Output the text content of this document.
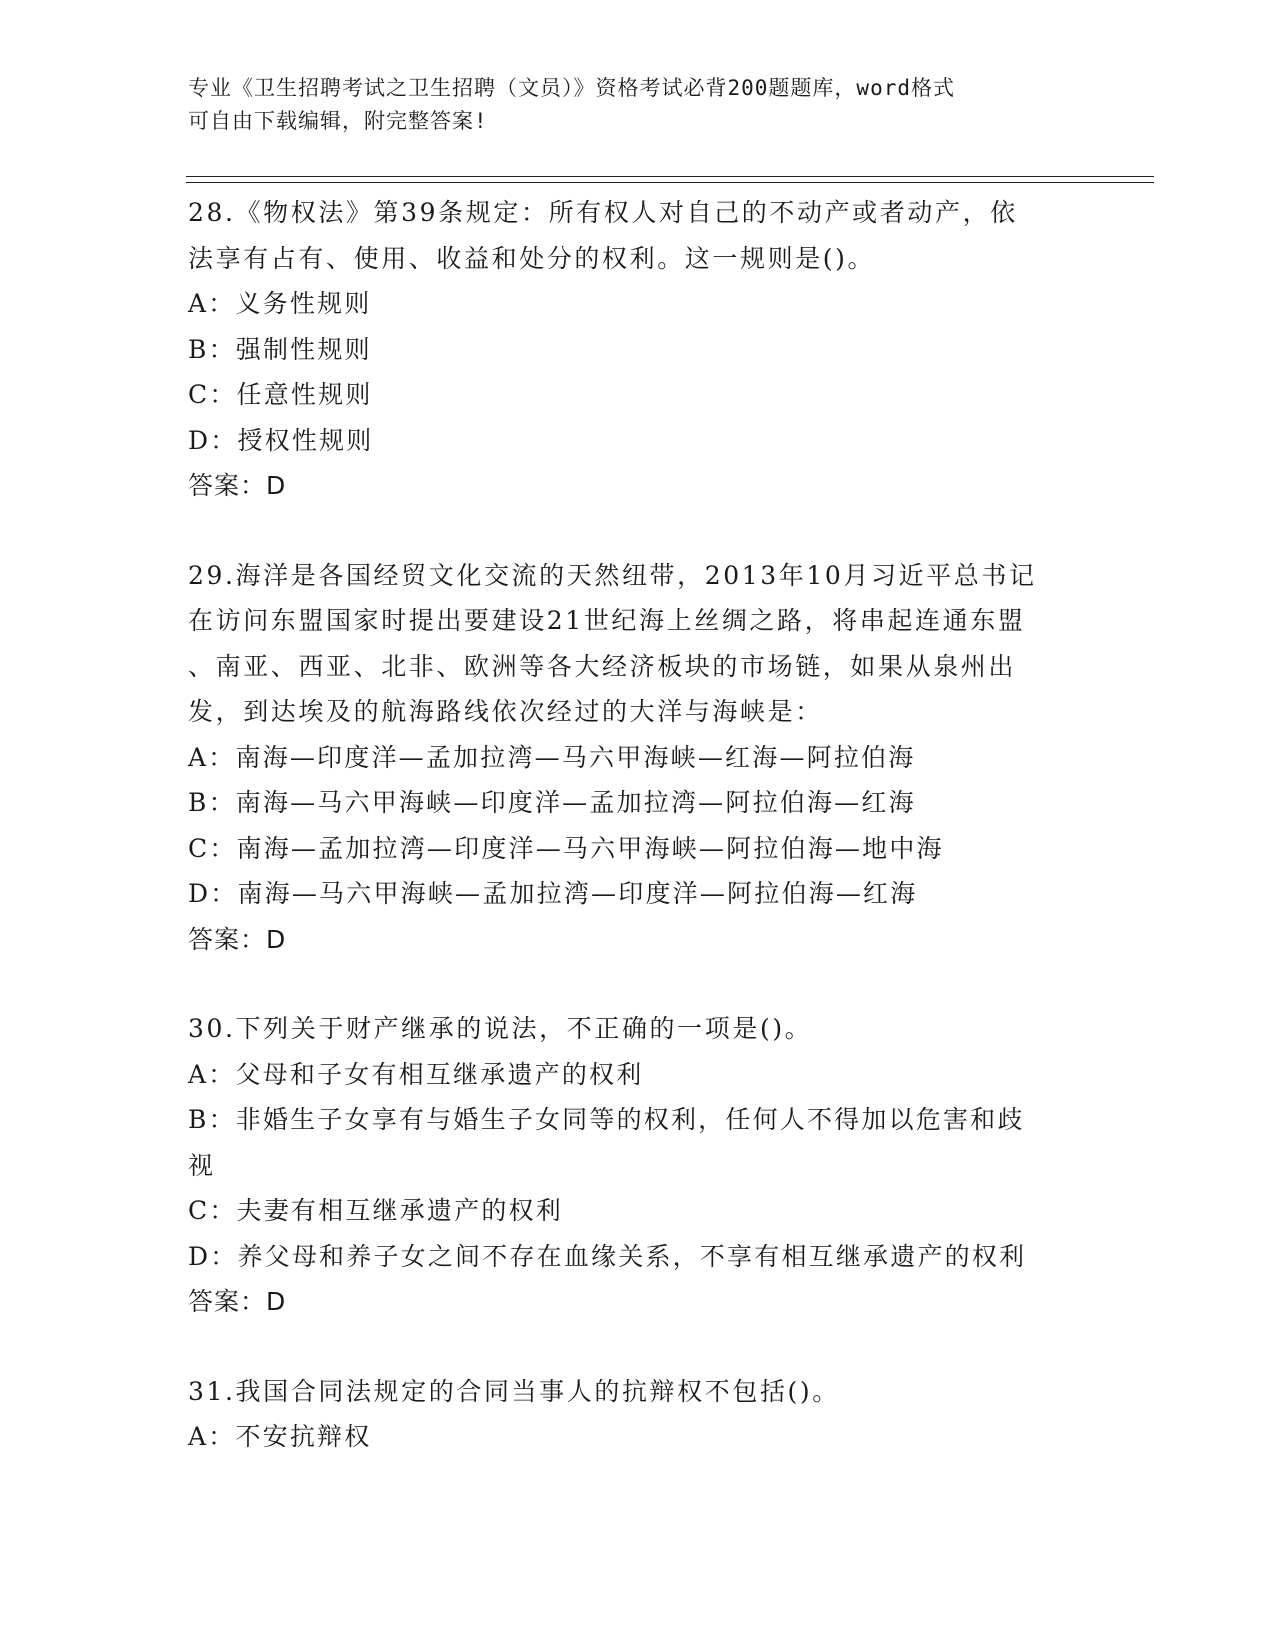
专业《卫生招聘考试之卫生招聘（文员）》资格考试必背200题题库，word格式
可自由下载编辑，附完整答案!
28.《物权法》第39条规定：所有权人对自己的不动产或者动产，依
法享有占有、使用、收益和处分的权利。这一规则是()。
A：义务性规则
B：强制性规则
C：任意性规则
D：授权性规则
答案：D
29.海洋是各国经贸文化交流的天然纽带，2013年10月习近平总书记
在访问东盟国家时提出要建设21世纪海上丝绸之路，将串起连通东盟
、南亚、西亚、北非、欧洲等各大经济板块的市场链，如果从泉州出
发，到达埃及的航海路线依次经过的大洋与海峡是：
A：南海—印度洋—孟加拉湾—马六甲海峡—红海—阿拉伯海
B：南海—马六甲海峡—印度洋—孟加拉湾—阿拉伯海—红海
C：南海—孟加拉湾—印度洋—马六甲海峡—阿拉伯海—地中海
D：南海—马六甲海峡—孟加拉湾—印度洋—阿拉伯海—红海
答案：D
30.下列关于财产继承的说法，不正确的一项是()。
A：父母和子女有相互继承遗产的权利
B：非婚生子女享有与婚生子女同等的权利，任何人不得加以危害和歧
视
C：夫妻有相互继承遗产的权利
D：养父母和养子女之间不存在血缘关系，不享有相互继承遗产的权利
答案：D
31.我国合同法规定的合同当事人的抗辩权不包括()。
A：不安抗辩权
